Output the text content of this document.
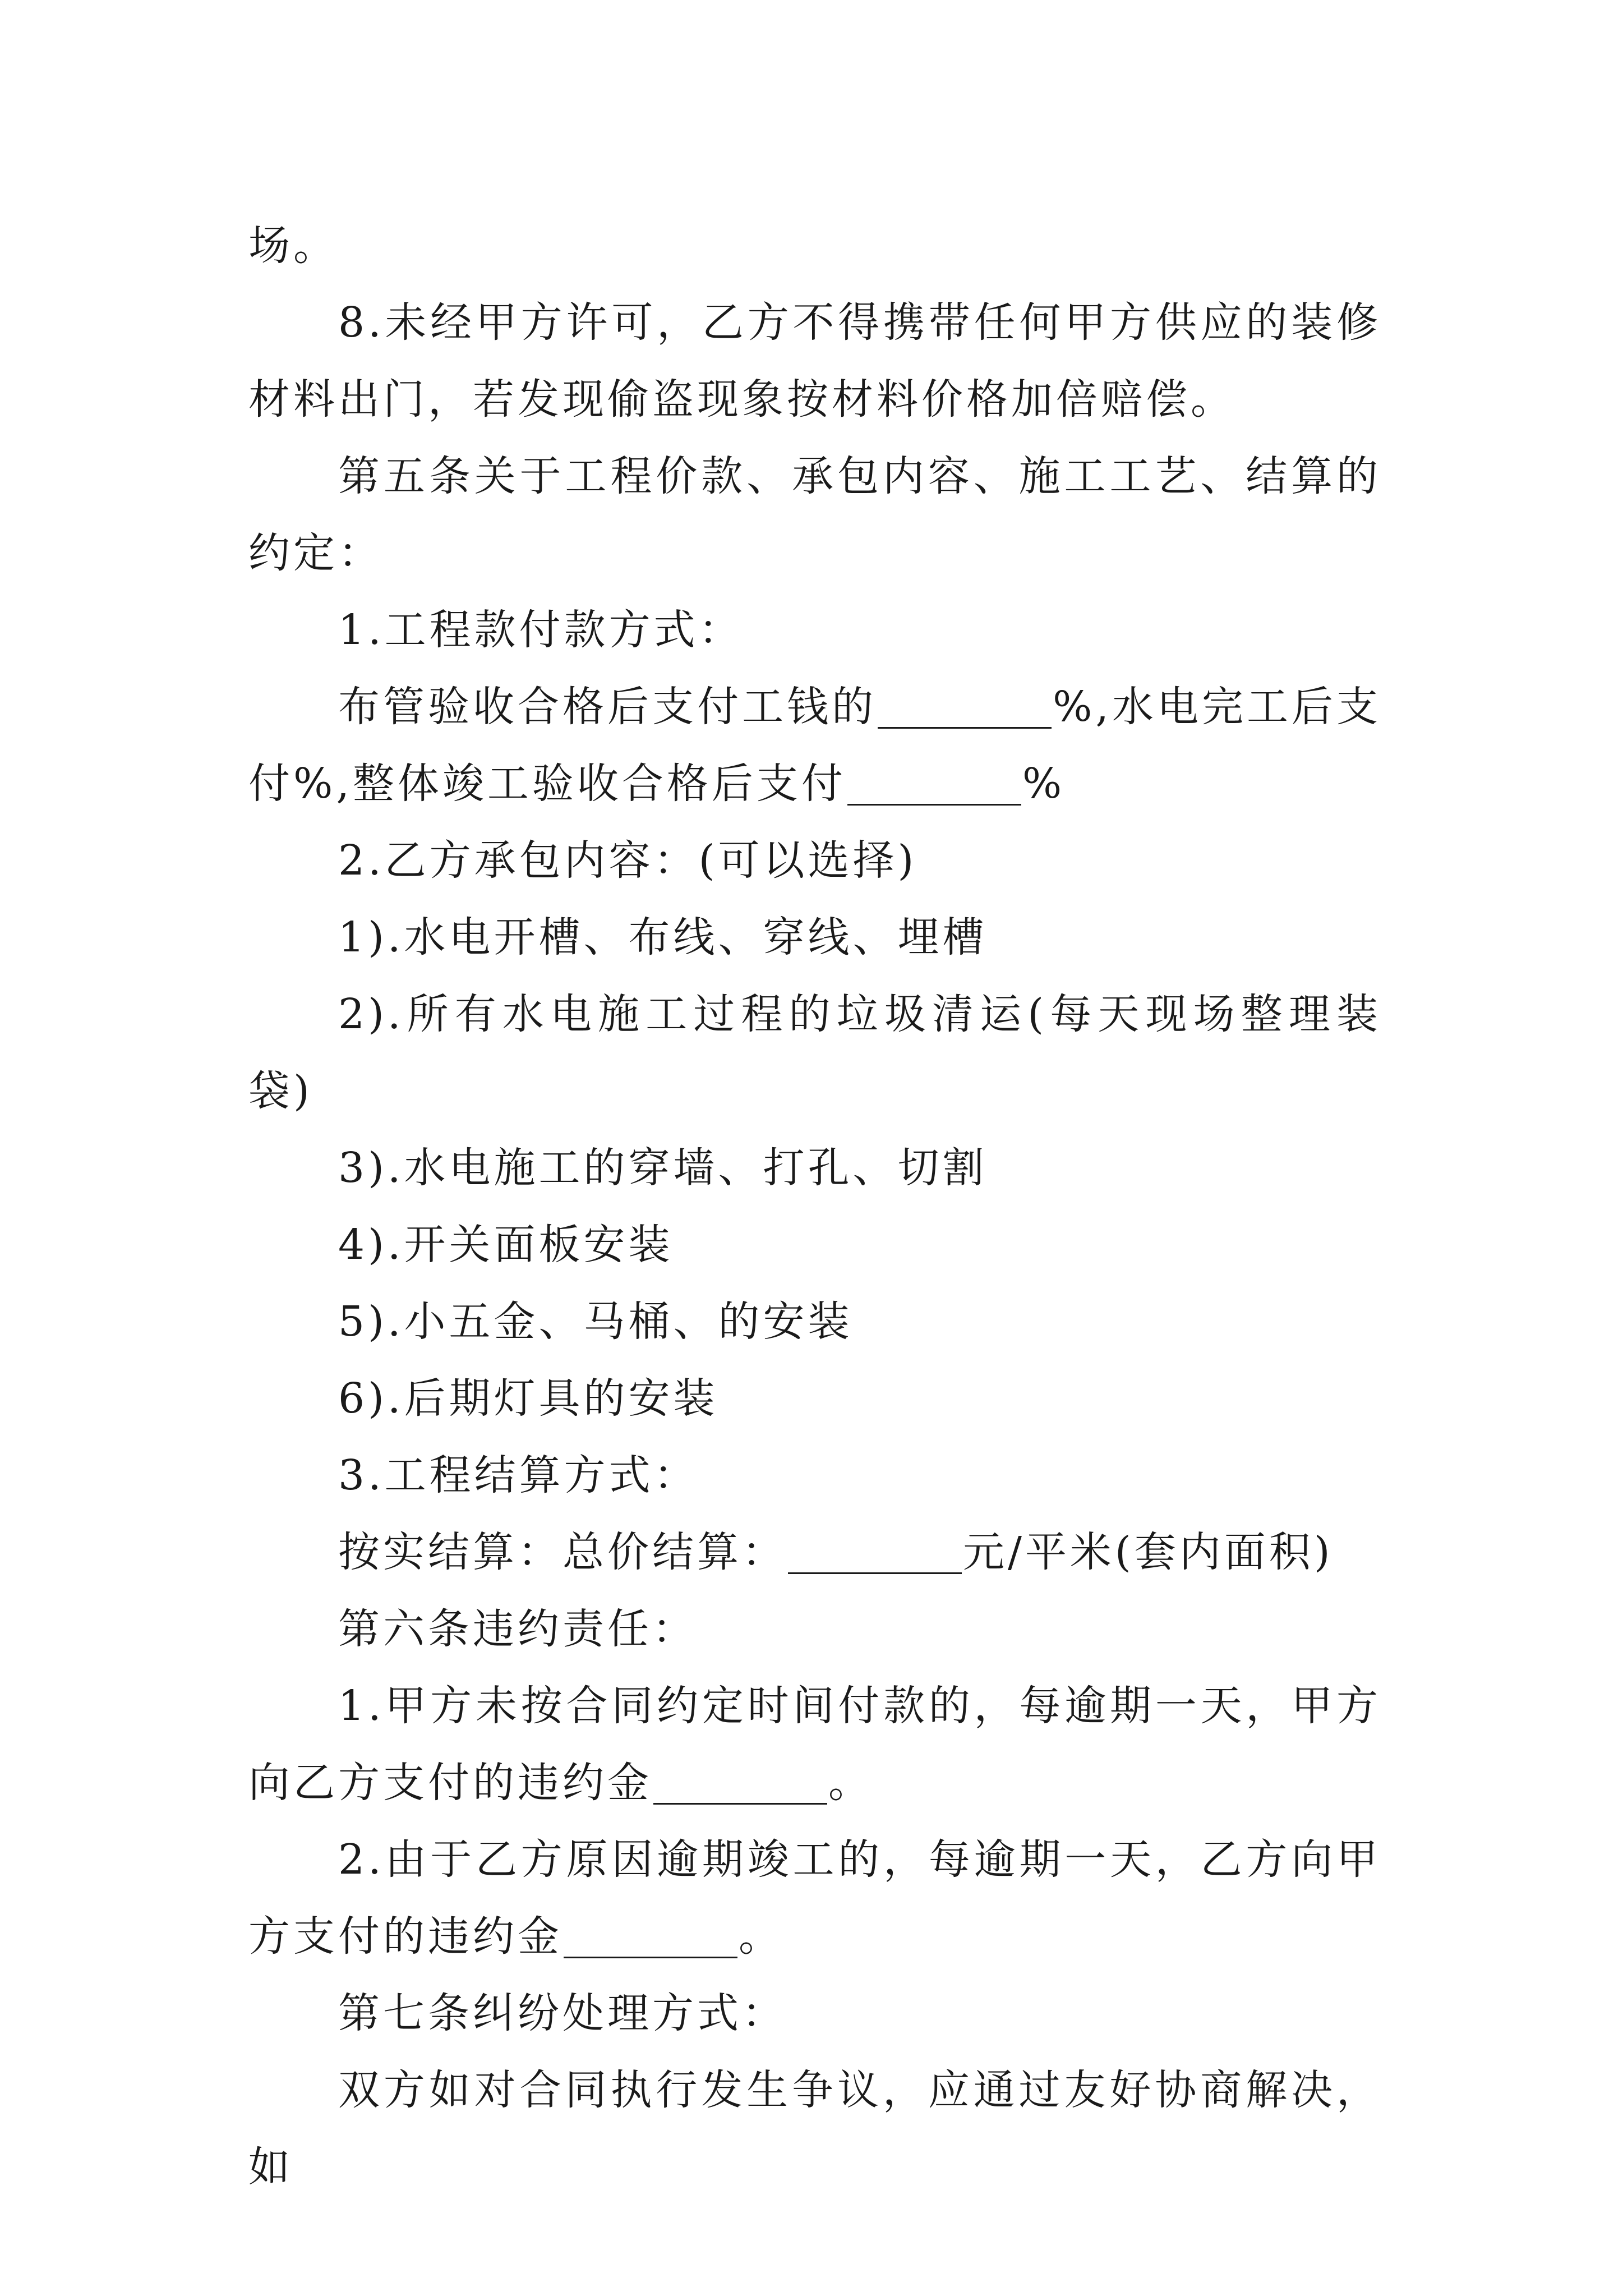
场。

8.未经甲方许可，乙方不得携带任何甲方供应的装修材料出门，若发现偷盗现象按材料价格加倍赔偿。

第五条关于工程价款、承包内容、施工工艺、结算的约定：

1.工程款付款方式：

布管验收合格后支付工钱的	%,水电完工后支付%,整体竣工验收合格后支付	%

2.乙方承包内容：(可以选择)

1).水电开槽、布线、穿线、埋槽

2).所有水电施工过程的垃圾清运(每天现场整理装袋)

3).水电施工的穿墙、打孔、切割

4).开关面板安装

5).小五金、马桶、的安装

6).后期灯具的安装

3.工程结算方式：

按实结算：总价结算：	元/平米(套内面积)

第六条违约责任：

1.甲方未按合同约定时间付款的，每逾期一天，甲方向乙方支付的违约金	。

2.由于乙方原因逾期竣工的，每逾期一天，乙方向甲方支付的违约金	。

第七条纠纷处理方式：

双方如对合同执行发生争议，应通过友好协商解决，如
